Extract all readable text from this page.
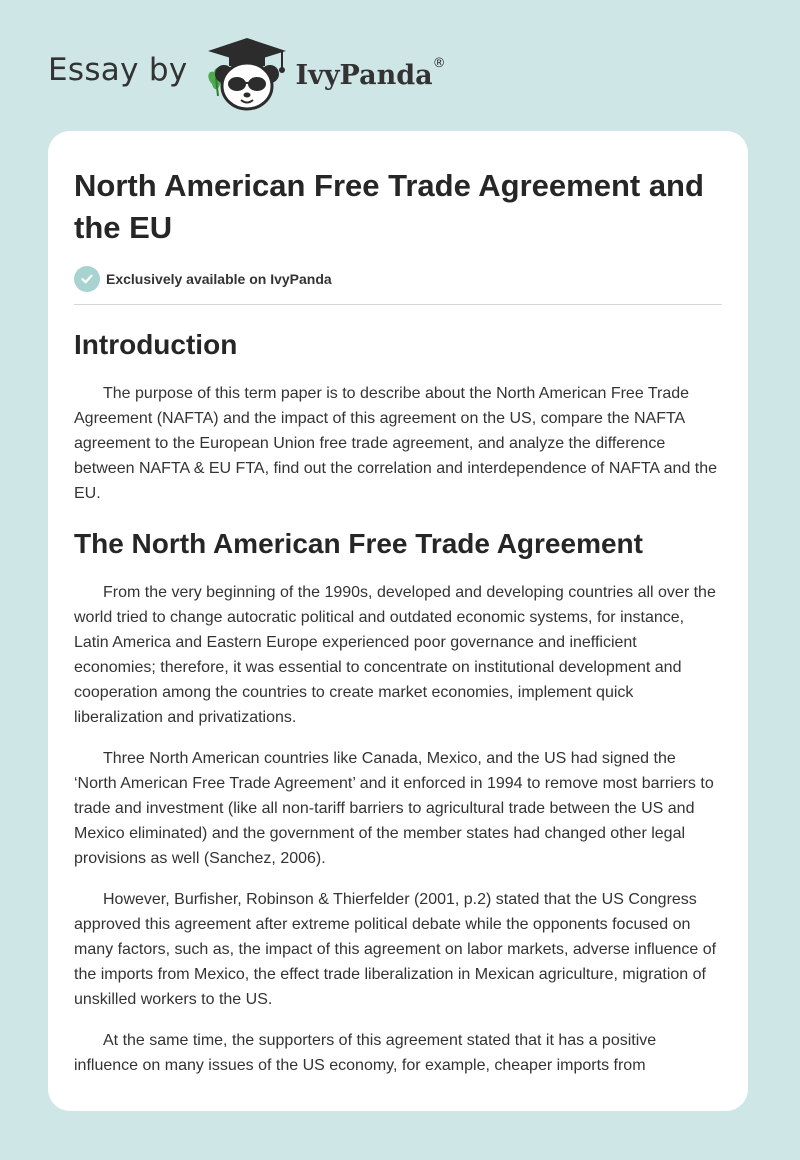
Essay by	IvyPanda®
North American Free Trade Agreement and the EU
Exclusively available on IvyPanda
Introduction

The purpose of this term paper is to describe about the North American Free Trade Agreement (NAFTA) and the impact of this agreement on the US, compare the NAFTA agreement to the European Union free trade agreement, and analyze the difference between NAFTA & EU FTA, find out the correlation and interdependence of NAFTA and the EU.

The North American Free Trade Agreement

From the very beginning of the 1990s, developed and developing countries all over the world tried to change autocratic political and outdated economic systems, for instance, Latin America and Eastern Europe experienced poor governance and inefficient economies; therefore, it was essential to concentrate on institutional development and cooperation among the countries to create market economies, implement quick liberalization and privatizations.

Three North American countries like Canada, Mexico, and the US had signed the ‘North American Free Trade Agreement’ and it enforced in 1994 to remove most barriers to trade and investment (like all non-tariff barriers to agricultural trade between the US and Mexico eliminated) and the government of the member states had changed other legal provisions as well (Sanchez, 2006).

However, Burfisher, Robinson & Thierfelder (2001, p.2) stated that the US Congress approved this agreement after extreme political debate while the opponents focused on many factors, such as, the impact of this agreement on labor markets, adverse influence of the imports from Mexico, the effect trade liberalization in Mexican agriculture, migration of unskilled workers to the US.

At the same time, the supporters of this agreement stated that it has a positive influence on many issues of the US economy, for example, cheaper imports from
